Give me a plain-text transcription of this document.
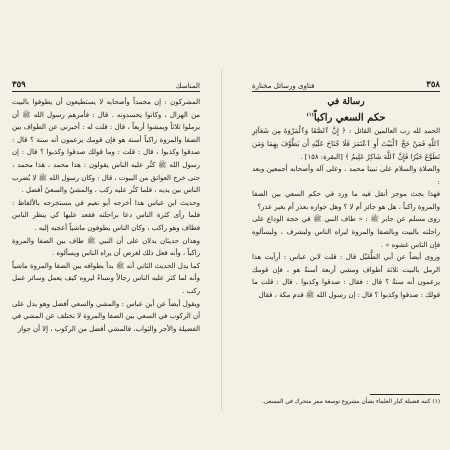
٣٥٨
فتاوى ورسائل مختارة
رسالة في
حكم السعي راكباً$^{(١)}$

الحمد لله رب العالمين القائل : ﴿ إِنَّ ٱلصَّفَا وَٱلْمَرْوَةَ مِن شَعَآئِرِ ٱللَّهِ فَمَنْ حَجَّ ٱلْبَيْتَ أَوِ ٱعْتَمَرَ فَلَا جُنَاحَ عَلَيْهِ أَن يَطَّوَّفَ بِهِمَا وَمَن تَطَوَّعَ خَيْرًا فَإِنَّ ٱللَّهَ شَاكِرٌ عَلِيمٌ ﴾ [البقرة: ١٥٨] .

والصلاة والسلام على نبينا محمد ، وعلى آله وأصحابه أجمعين وبعد :

فهذا بحث موجز أنقل فيه ما ورد في حكم السعي بين الصفا والمروة راكباً ، هل هو جائز أم لا ؟ وهل جوازه بعذر أم بغير عذر؟

روى مسلم عن جابر ﷺ : « طاف النبي ﷺ في حجة الوداع على راحلته بالبيت وبالصفا والمروة ليراه الناس وليشرف ، وليسألوه فإن الناس غشوه » .

وروى أيضاً عن أبي الطُّفَيْل قال : قلت لابن عباس : أرأيت هذا الرمل بالبيت ثلاثة أطواف ومشي أربعة أسنةٌ هو ، فإن قومك يزعمون أنه سنةٌ ؟ قال : فقال : صدقوا وكذبوا . قال : قلت ما قولك : صدقوا وكذبوا ؟ قال : إن رسول الله ﷺ قدم مكة ، فقال

(١) كتبه فضيلة كبار العلماء بشأن مشروع توسعة ممر متحرك في المسعى.
المناسك
٣٥٩

المشركون : إن محمداً وأصحابه لا يستطيعون أن يطوفوا بالبيت من الهزال ، وكانوا يحسدونه . قال : فأمرهم رسول الله ﷺ أن يرملوا ثلاثاً ويمشوا أربعاً ، قال : قلت له : أخبرني عن الطواف بين الصفا والمروة راكباً أسنة هو فإن قومك يزعمون أنه سنة ؟ قال : صدقوا وكذبوا ، قال : قلت : وما قولك صدقوا وكذبوا ؟ قال : إن رسول الله ﷺ كثُر عليه الناس يقولون : هذا محمد ، هذا محمد ، حتى خرج العواتق من البيوت ، قال : وكان رسول الله ﷺ لا يُضرب الناس بين يديه ، فلما كثُر عليه ركب ، والمشيُ والسعيُ أفضل .

وحديث ابن عباس هذا أخرجه أبو نعيم في مستخرجه بالألفاظ : فلما رأى كثرة الناس دعا براحلته فقعد عليها كي ينظر الناس فطاف وهو راكب ، وكان الناس يطوفون ماشياً أعجبه إليه .

وهذان حديثان يدلان على أن النبي ﷺ طاف بين الصفا والمروة راكباً ، وأنه فعل ذلك لغرض أن يراه الناس ويسألوه .

كما يدل الحديث الثاني أنه ﷺ بدأ بطوافه بين الصفا والمروة ماشياً وأنه لما كثر عليه الناس رجالاً ونساءً ليروه كيف يعمل وسائر عمل ركب .

ويقول أيضاً عن أبن عباس : والمشي والسعي أفضل وهو يدل على أن الركوب في السعي بين الصفا والمروة لا تختلف عن المشي في الفضيلة والأجر والثواب، فالمشي أفضل من الركوب ، إلا أن جواز
